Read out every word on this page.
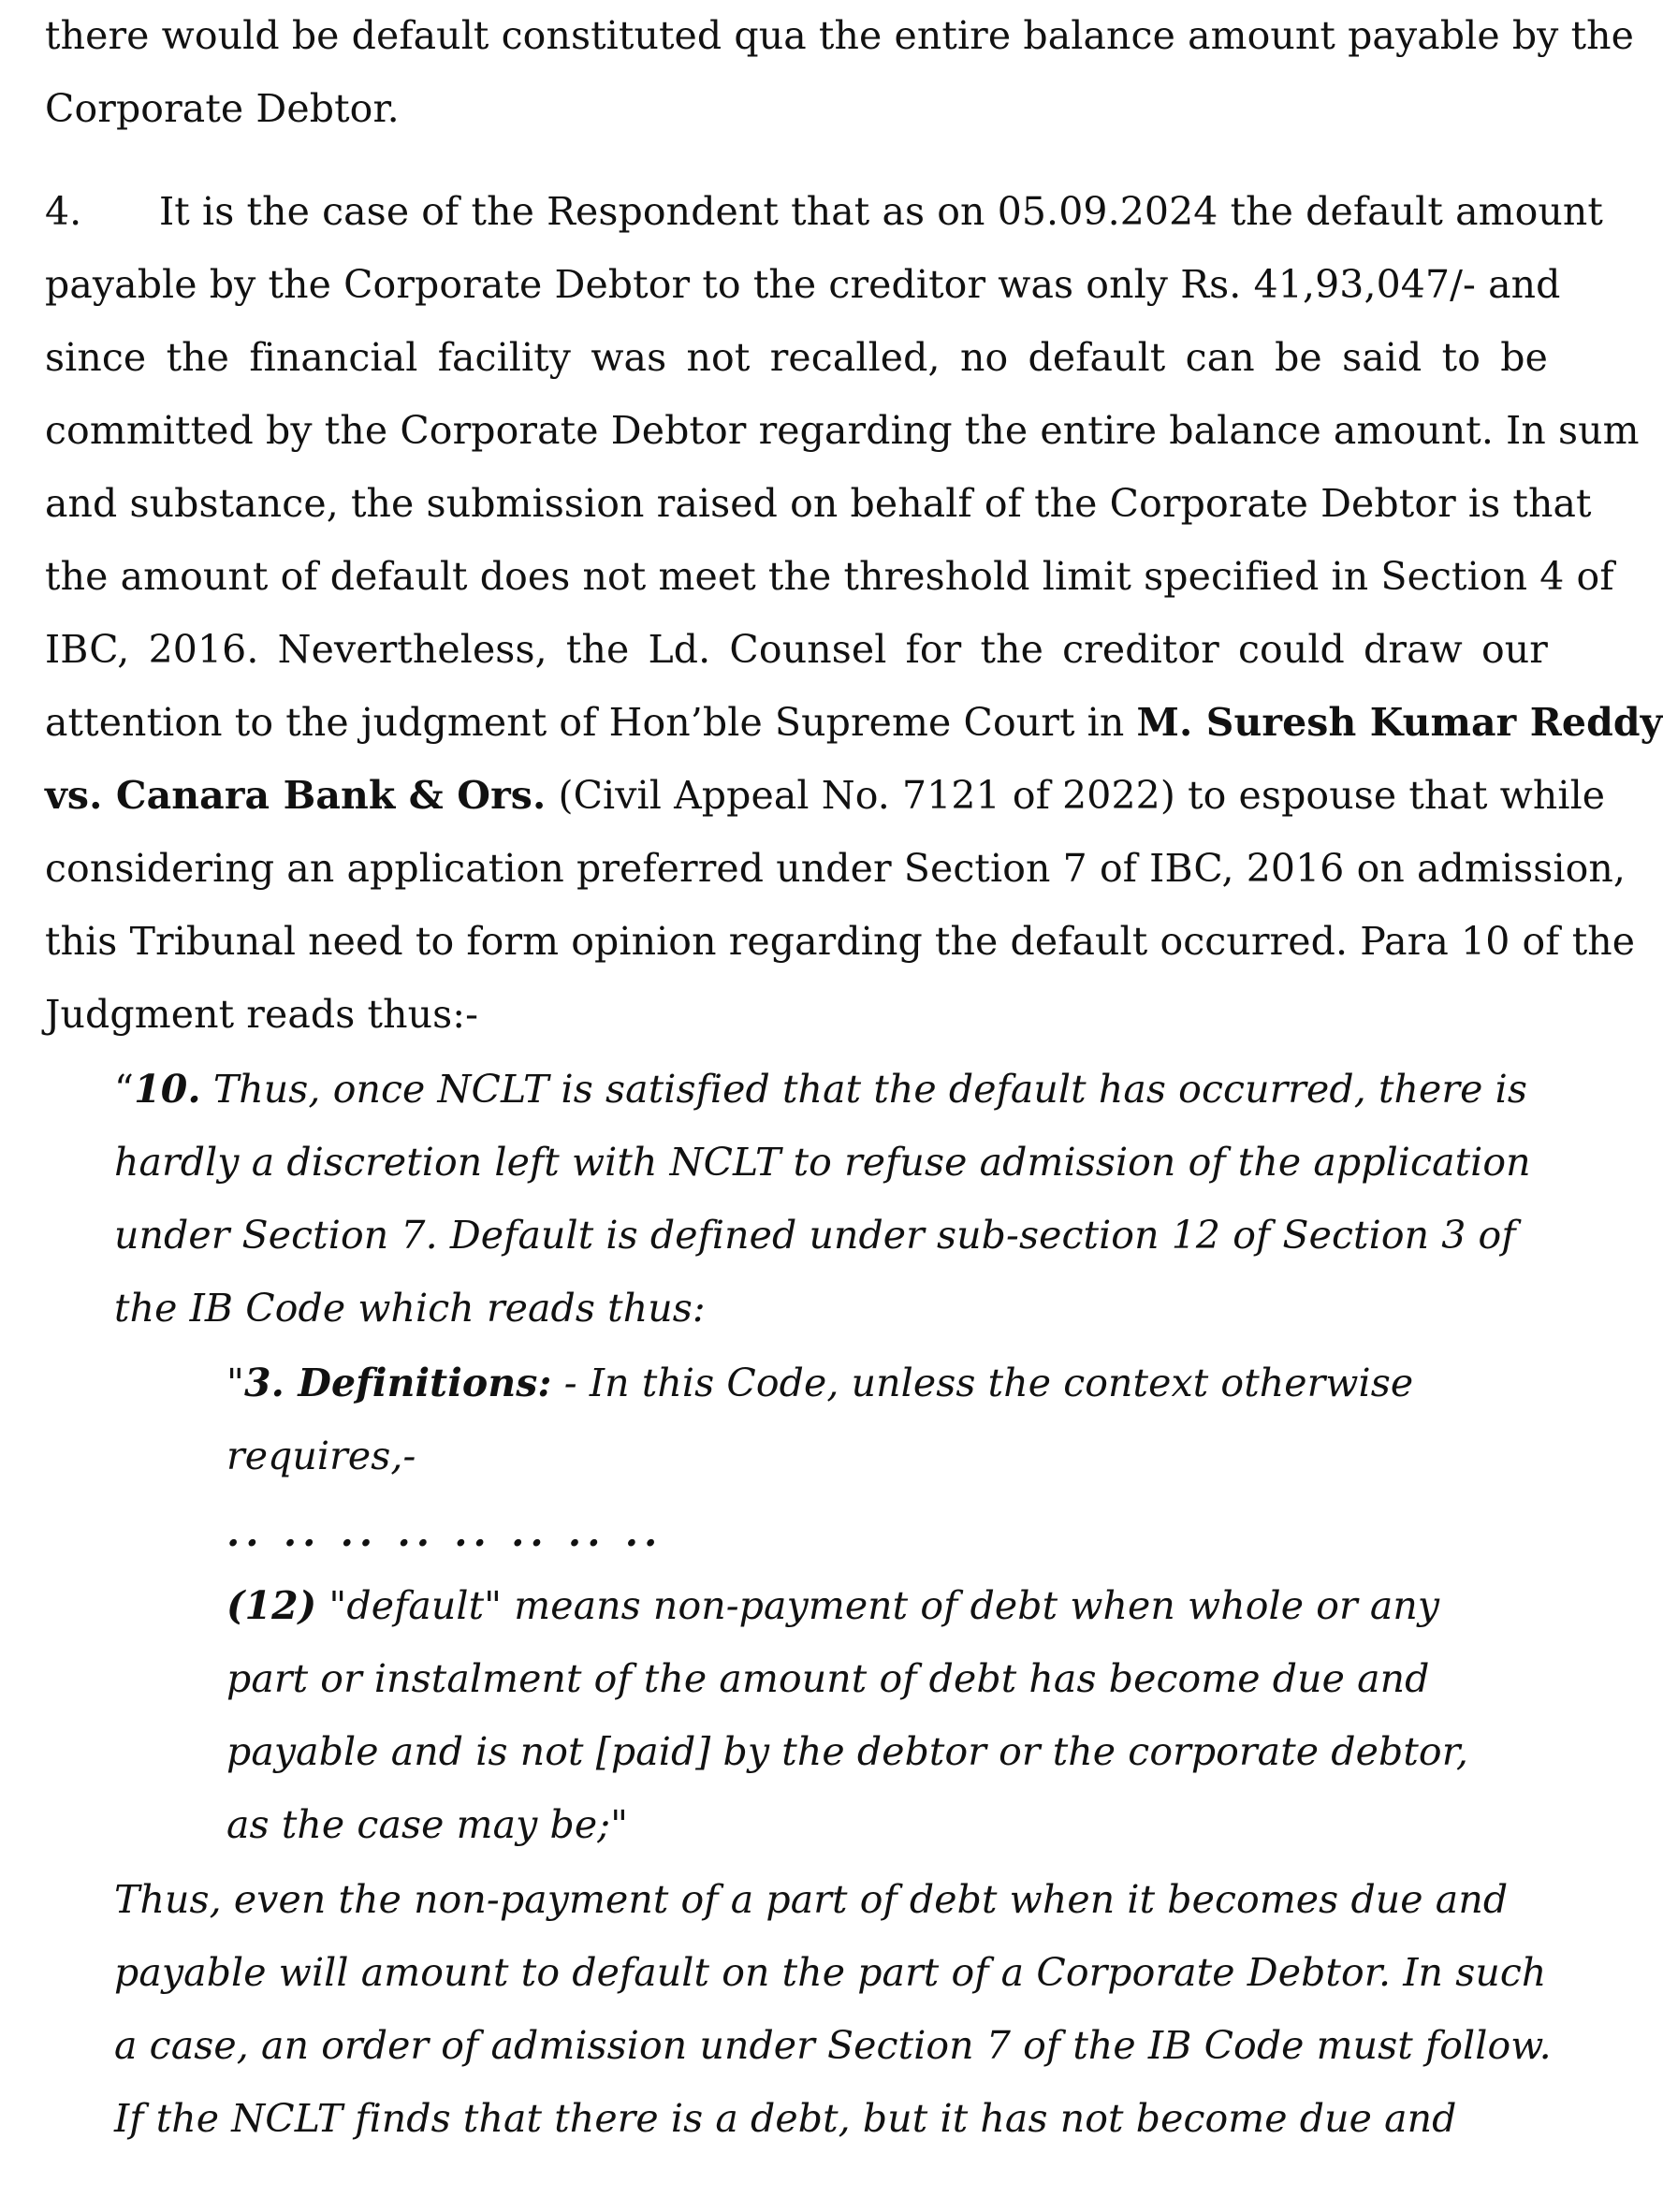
there would be default constituted qua the entire balance amount payable by the
Corporate Debtor.
4. It is the case of the Respondent that as on 05.09.2024 the default amount
payable by the Corporate Debtor to the creditor was only Rs. 41,93,047/- and
since the financial facility was not recalled, no default can be said to be
committed by the Corporate Debtor regarding the entire balance amount. In sum
and substance, the submission raised on behalf of the Corporate Debtor is that
the amount of default does not meet the threshold limit specified in Section 4 of
IBC, 2016. Nevertheless, the Ld. Counsel for the creditor could draw our
attention to the judgment of Hon’ble Supreme Court in M. Suresh Kumar Reddy
vs. Canara Bank & Ors. (Civil Appeal No. 7121 of 2022) to espouse that while
considering an application preferred under Section 7 of IBC, 2016 on admission,
this Tribunal need to form opinion regarding the default occurred. Para 10 of the
Judgment reads thus:-
“10. Thus, once NCLT is satisfied that the default has occurred, there is
hardly a discretion left with NCLT to refuse admission of the application
under Section 7. Default is defined under sub-section 12 of Section 3 of
the IB Code which reads thus:
"3. Definitions: - In this Code, unless the context otherwise
requires,-
.. .. .. .. .. .. .. ..
(12) "default" means non-payment of debt when whole or any
part or instalment of the amount of debt has become due and
payable and is not [paid] by the debtor or the corporate debtor,
as the case may be;"
Thus, even the non-payment of a part of debt when it becomes due and
payable will amount to default on the part of a Corporate Debtor. In such
a case, an order of admission under Section 7 of the IB Code must follow.
If the NCLT finds that there is a debt, but it has not become due and
